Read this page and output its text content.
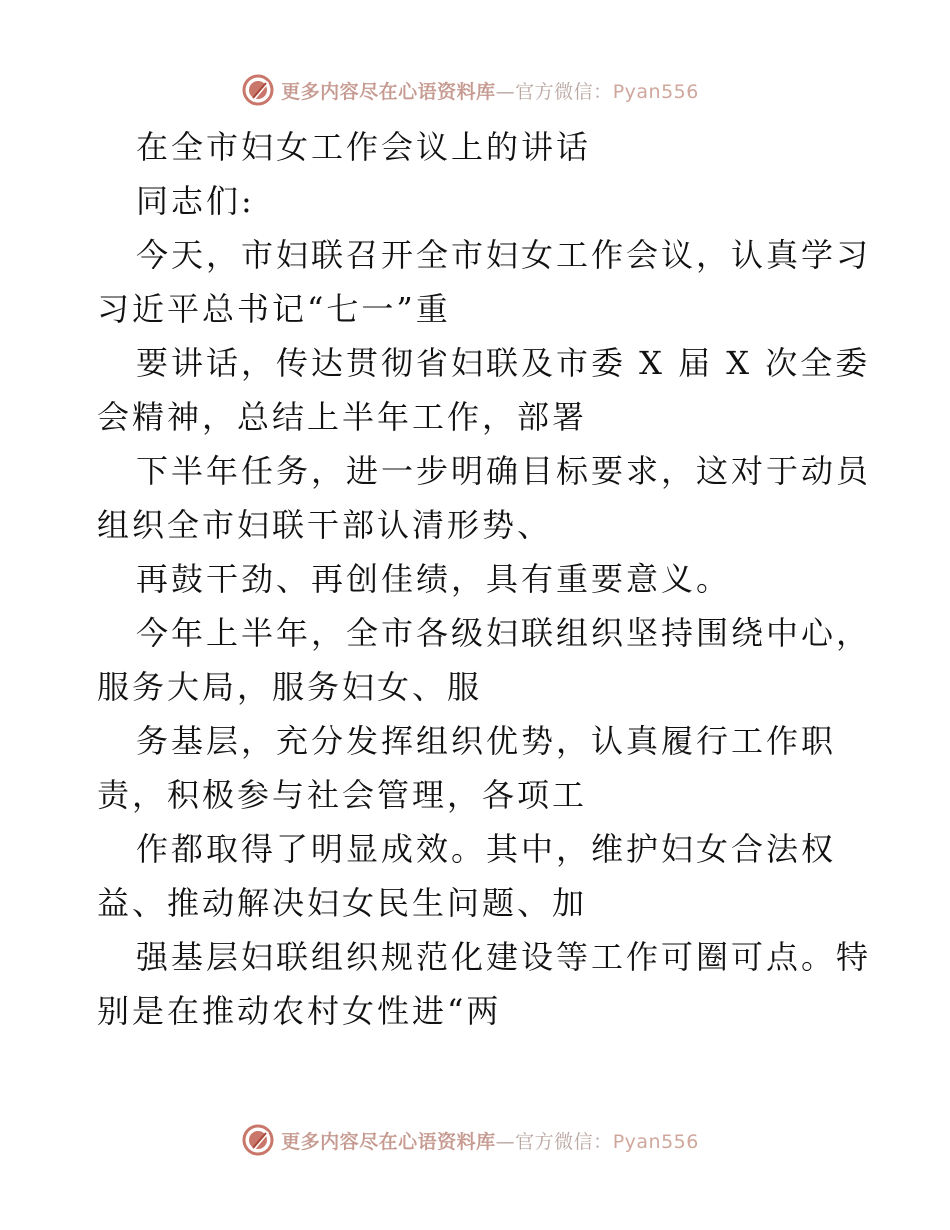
更多内容尽在心语资料库—官方微信：Pyan556
在全市妇女工作会议上的讲话
同志们:
今天，市妇联召开全市妇女工作会议，认真学习
习近平总书记“七一”重
要讲话，传达贯彻省妇联及市委 X 届 X 次全委
会精神，总结上半年工作，部署
下半年任务，进一步明确目标要求，这对于动员
组织全市妇联干部认清形势、
再鼓干劲、再创佳绩，具有重要意义。
今年上半年，全市各级妇联组织坚持围绕中心，
服务大局，服务妇女、服
务基层，充分发挥组织优势，认真履行工作职
责，积极参与社会管理，各项工
作都取得了明显成效。其中，维护妇女合法权
益、推动解决妇女民生问题、加
强基层妇联组织规范化建设等工作可圈可点。特
别是在推动农村女性进“两
更多内容尽在心语资料库—官方微信：Pyan556
